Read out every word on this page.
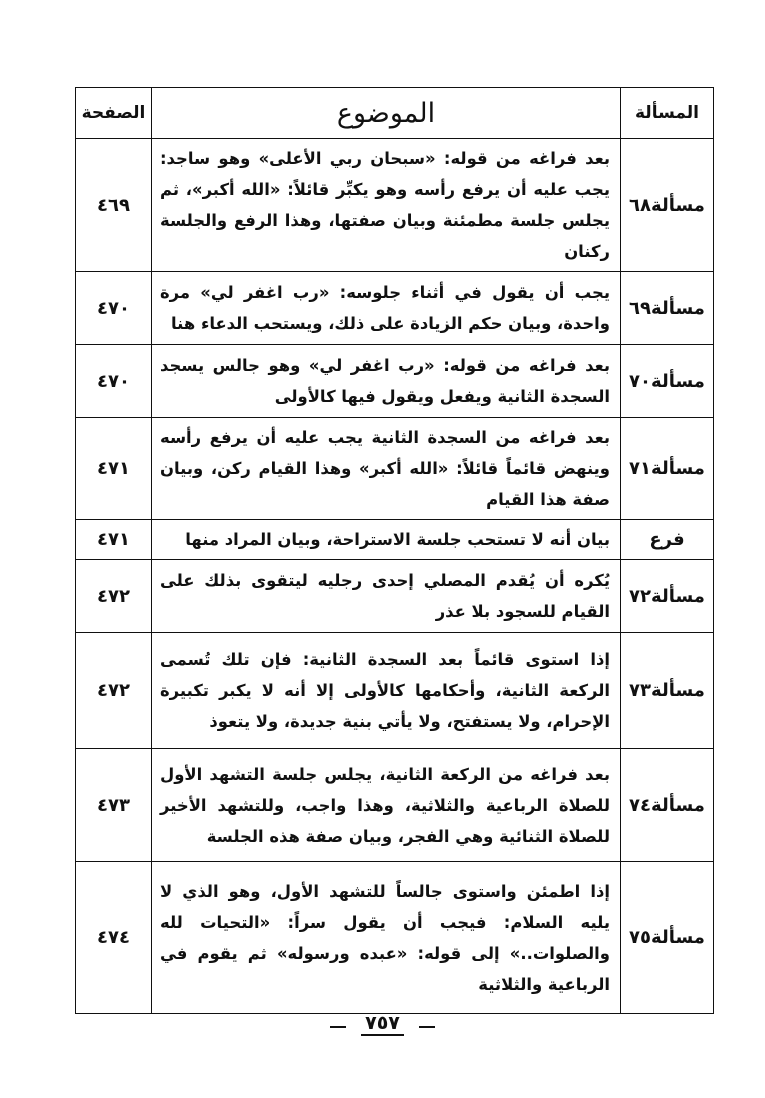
المسألة	الموضوع	الصفحة
مسألة٦٨	بعد فراغه من قوله: «سبحان ربي الأعلى» وهو ساجد: يجب عليه أن يرفع رأسه وهو يكبِّر قائلاً: «الله أكبر»، ثم يجلس جلسة مطمئنة وبيان صفتها، وهذا الرفع والجلسة ركنان	٤٦٩
مسألة٦٩	يجب أن يقول في أثناء جلوسه: «رب اغفر لي» مرة واحدة، وبيان حكم الزيادة على ذلك، ويستحب الدعاء هنا	٤٧٠
مسألة٧٠	بعد فراغه من قوله: «رب اغفر لي» وهو جالس يسجد السجدة الثانية ويفعل ويقول فيها كالأولى	٤٧٠
مسألة٧١	بعد فراغه من السجدة الثانية يجب عليه أن يرفع رأسه وينهض قائماً قائلاً: «الله أكبر» وهذا القيام ركن، وبيان صفة هذا القيام	٤٧١
فرع	بيان أنه لا تستحب جلسة الاستراحة، وبيان المراد منها	٤٧١
مسألة٧٢	يُكره أن يُقدم المصلي إحدى رجليه ليتقوى بذلك على القيام للسجود بلا عذر	٤٧٢
مسألة٧٣	إذا استوى قائماً بعد السجدة الثانية: فإن تلك تُسمى الركعة الثانية، وأحكامها كالأولى إلا أنه لا يكبر تكبيرة الإحرام، ولا يستفتح، ولا يأتي بنية جديدة، ولا يتعوذ	٤٧٢
مسألة٧٤	بعد فراغه من الركعة الثانية، يجلس جلسة التشهد الأول للصلاة الرباعية والثلاثية، وهذا واجب، وللتشهد الأخير للصلاة الثنائية وهي الفجر، وبيان صفة هذه الجلسة	٤٧٣
مسألة٧٥	إذا اطمئن واستوى جالساً للتشهد الأول، وهو الذي لا يليه السلام: فيجب أن يقول سراً: «التحيات لله والصلوات..» إلى قوله: «عبده ورسوله» ثم يقوم في الرباعية والثلاثية	٤٧٤
٧٥٧
